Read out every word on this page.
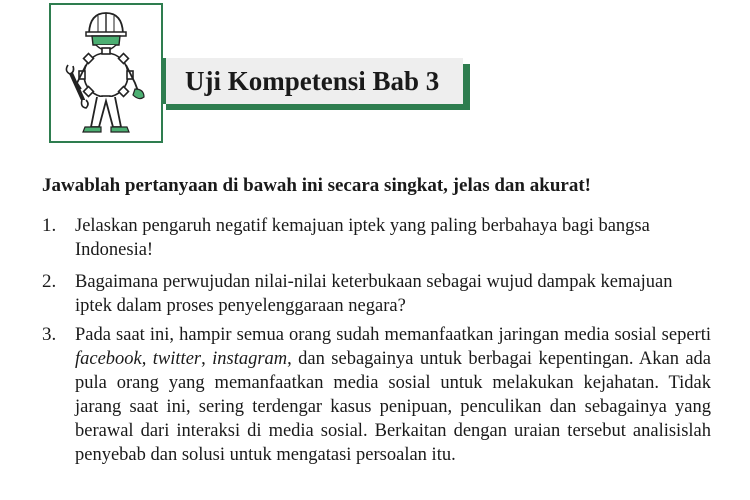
Uji Kompetensi Bab 3
Jawablah pertanyaan di bawah ini secara singkat, jelas dan akurat!
1. Jelaskan pengaruh negatif kemajuan iptek yang paling berbahaya bagi bangsa Indonesia!
2. Bagaimana perwujudan nilai-nilai keterbukaan sebagai wujud dampak kemajuan iptek dalam proses penyelenggaraan negara?
3. Pada saat ini, hampir semua orang sudah memanfaatkan jaringan media sosial seperti facebook, twitter, instagram, dan sebagainya untuk berbagai kepentingan. Akan ada pula orang yang memanfaatkan media sosial untuk melakukan kejahatan. Tidak jarang saat ini, sering terdengar kasus penipuan, penculikan dan sebagainya yang berawal dari interaksi di media sosial. Berkaitan dengan uraian tersebut analisislah penyebab dan solusi untuk mengatasi persoalan itu.
